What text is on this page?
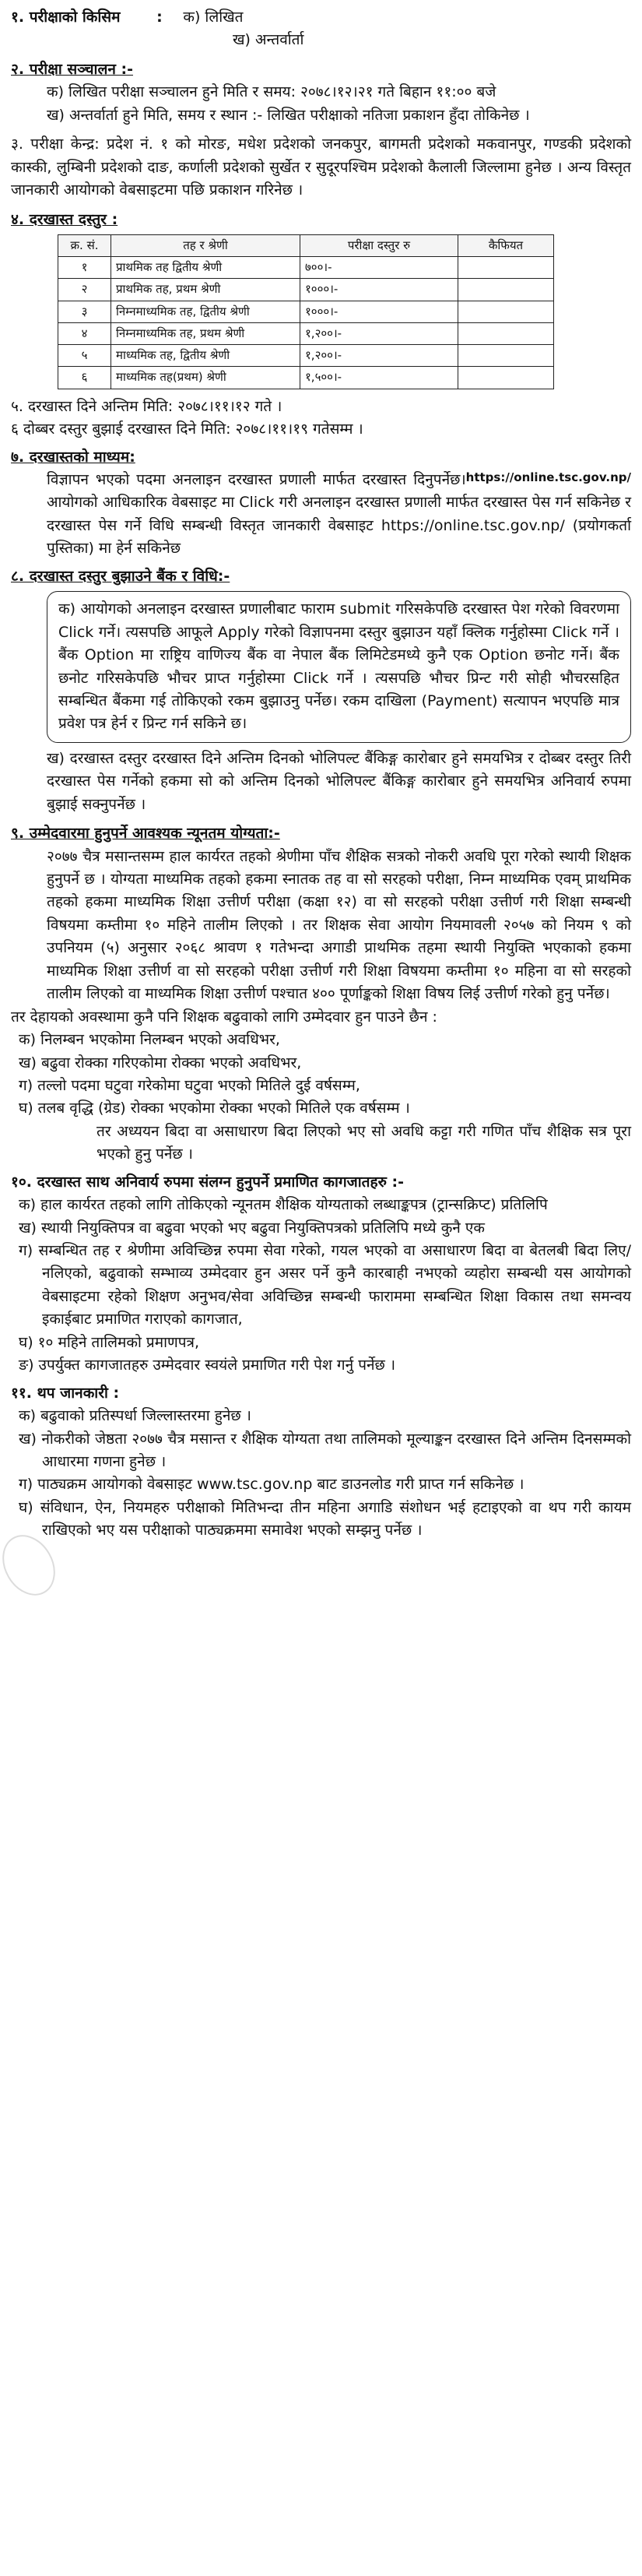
१. परीक्षाको किसिम : क) लिखित

ख) अन्तर्वार्ता

२. परीक्षा सञ्चालन :-

क) लिखित परीक्षा सञ्चालन हुने मिति र समय: २०७८।१२।२१ गते बिहान ११:०० बजे

ख) अन्तर्वार्ता हुने मिति, समय र स्थान :- लिखित परीक्षाको नतिजा प्रकाशन हुँदा तोकिनेछ ।

३. परीक्षा केन्द्र: प्रदेश नं. १ को मोरङ, मधेश प्रदेशको जनकपुर, बागमती प्रदेशको मकवानपुर, गण्डकी प्रदेशको कास्की, लुम्बिनी प्रदेशको दाङ, कर्णाली प्रदेशको सुर्खेत र सुदूरपश्चिम प्रदेशको कैलाली जिल्लामा हुनेछ । अन्य विस्तृत जानकारी आयोगको वेबसाइटमा पछि प्रकाशन गरिनेछ ।

४. दरखास्त दस्तुर :

क्र. सं.	तह र श्रेणी	परीक्षा दस्तुर रु	कैफियत
१	प्राथमिक तह द्वितीय श्रेणी	७००।-	
२	प्राथमिक तह, प्रथम श्रेणी	१०००।-	
३	निम्नमाध्यमिक तह, द्वितीय श्रेणी	१०००।-	
४	निम्नमाध्यमिक तह, प्रथम श्रेणी	१,२००।-	
५	माध्यमिक तह, द्वितीय श्रेणी	१,२००।-	
६	माध्यमिक तह(प्रथम) श्रेणी	१,५००।-	

५. दरखास्त दिने अन्तिम मिति: २०७८।११।१२ गते ।

६ दोब्बर दस्तुर बुझाई दरखास्त दिने मिति: २०७८।११।१९ गतेसम्म ।

७. दरखास्तको माध्यम:

https://online.tsc.gov.np/
विज्ञापन भएको पदमा अनलाइन दरखास्त प्रणाली मार्फत दरखास्त दिनुपर्नेछ।आयोगको आधिकारिक वेबसाइट मा Click गरी अनलाइन दरखास्त प्रणाली मार्फत दरखास्त पेस गर्न सकिनेछ र दरखास्त पेस गर्ने विधि सम्बन्धी विस्तृत जानकारी वेबसाइट https://online.tsc.gov.np/ (प्रयोगकर्ता पुस्तिका) मा हेर्न सकिनेछ

८. दरखास्त दस्तुर बुझाउने बैंक र विधि:-

क) आयोगको अनलाइन दरखास्त प्रणालीबाट फाराम submit गरिसकेपछि दरखास्त पेश गरेको विवरणमा Click गर्ने। त्यसपछि आफूले Apply गरेको विज्ञापनमा दस्तुर बुझाउन यहाँ क्लिक गर्नुहोस्मा Click गर्ने । बैंक Option मा राष्ट्रिय वाणिज्य बैंक वा नेपाल बैंक लिमिटेडमध्ये कुनै एक Option छनोट गर्ने। बैंक छनोट गरिसकेपछि भौचर प्राप्त गर्नुहोस्मा Click गर्ने । त्यसपछि भौचर प्रिन्ट गरी सोही भौचरसहित सम्बन्धित बैंकमा गई तोकिएको रकम बुझाउनु पर्नेछ। रकम दाखिला (Payment) सत्यापन भएपछि मात्र प्रवेश पत्र हेर्न र प्रिन्ट गर्न सकिने छ।

ख) दरखास्त दस्तुर दरखास्त दिने अन्तिम दिनको भोलिपल्ट बैंकिङ्ग कारोबार हुने समयभित्र र दोब्बर दस्तुर तिरी दरखास्त पेस गर्नेको हकमा सो को अन्तिम दिनको भोलिपल्ट बैंकिङ्ग कारोबार हुने समयभित्र अनिवार्य रुपमा बुझाई सक्नुपर्नेछ ।

९. उम्मेदवारमा हुनुपर्ने आवश्यक न्यूनतम योग्यता:-

२०७७ चैत्र मसान्तसम्म हाल कार्यरत तहको श्रेणीमा पाँच शैक्षिक सत्रको नोकरी अवधि पूरा गरेको स्थायी शिक्षक हुनुपर्ने छ । योग्यता माध्यमिक तहको हकमा स्नातक तह वा सो सरहको परीक्षा, निम्न माध्यमिक एवम् प्राथमिक तहको हकमा माध्यमिक शिक्षा उत्तीर्ण परीक्षा (कक्षा १२) वा सो सरहको परीक्षा उत्तीर्ण गरी शिक्षा सम्बन्धी विषयमा कम्तीमा १० महिने तालीम लिएको । तर शिक्षक सेवा आयोग नियमावली २०५७ को नियम ९ को उपनियम (५) अनुसार २०६८ श्रावण १ गतेभन्दा अगाडी प्राथमिक तहमा स्थायी नियुक्ति भएकाको हकमा माध्यमिक शिक्षा उत्तीर्ण वा सो सरहको परीक्षा उत्तीर्ण गरी शिक्षा विषयमा कम्तीमा १० महिना वा सो सरहको तालीम लिएको वा माध्यमिक शिक्षा उत्तीर्ण पश्चात ४०० पूर्णाङ्कको शिक्षा विषय लिई उत्तीर्ण गरेको हुनु पर्नेछ।

तर देहायको अवस्थामा कुनै पनि शिक्षक बढुवाको लागि उम्मेदवार हुन पाउने छैन :

क) निलम्बन भएकोमा निलम्बन भएको अवधिभर,

ख) बढुवा रोक्का गरिएकोमा रोक्का भएको अवधिभर,

ग) तल्लो पदमा घटुवा गरेकोमा घटुवा भएको मितिले दुई वर्षसम्म,

घ) तलब वृद्धि (ग्रेड) रोक्का भएकोमा रोक्का भएको मितिले एक वर्षसम्म ।

तर अध्ययन बिदा वा असाधारण बिदा लिएको भए सो अवधि कट्टा गरी गणित पाँच शैक्षिक सत्र पूरा भएको हुनु पर्नेछ ।

१०. दरखास्त साथ अनिवार्य रुपमा संलग्न हुनुपर्ने प्रमाणित कागजातहरु :-

क) हाल कार्यरत तहको लागि तोकिएको न्यूनतम शैक्षिक योग्यताको लब्धाङ्कपत्र (ट्रान्सक्रिप्ट) प्रतिलिपि

ख) स्थायी नियुक्तिपत्र वा बढुवा भएको भए बढुवा नियुक्तिपत्रको प्रतिलिपि मध्ये कुनै एक

ग) सम्बन्धित तह र श्रेणीमा अविच्छिन्न रुपमा सेवा गरेको, गयल भएको वा असाधारण बिदा वा बेतलबी बिदा लिए/नलिएको, बढुवाको सम्भाव्य उम्मेदवार हुन असर पर्ने कुनै कारबाही नभएको व्यहोरा सम्बन्धी यस आयोगको वेबसाइटमा रहेको शिक्षण अनुभव/सेवा अविच्छिन्न सम्बन्धी फाराममा सम्बन्धित शिक्षा विकास तथा समन्वय इकाईबाट प्रमाणित गराएको कागजात,

घ) १० महिने तालिमको प्रमाणपत्र,

ङ) उपर्युक्त कागजातहरु उम्मेदवार स्वयंले प्रमाणित गरी पेश गर्नु पर्नेछ ।

११. थप जानकारी :

क) बढुवाको प्रतिस्पर्धा जिल्लास्तरमा हुनेछ ।

ख) नोकरीको जेष्ठता २०७७ चैत्र मसान्त र शैक्षिक योग्यता तथा तालिमको मूल्याङ्कन दरखास्त दिने अन्तिम दिनसम्मको आधारमा गणना हुनेछ ।

ग) पाठ्यक्रम आयोगको वेबसाइट www.tsc.gov.np बाट डाउनलोड गरी प्राप्त गर्न सकिनेछ ।

घ) संविधान, ऐन, नियमहरु परीक्षाको मितिभन्दा तीन महिना अगाडि संशोधन भई हटाइएको वा थप गरी कायम राखिएको भए यस परीक्षाको पाठ्यक्रममा समावेश भएको सम्झनु पर्नेछ ।
